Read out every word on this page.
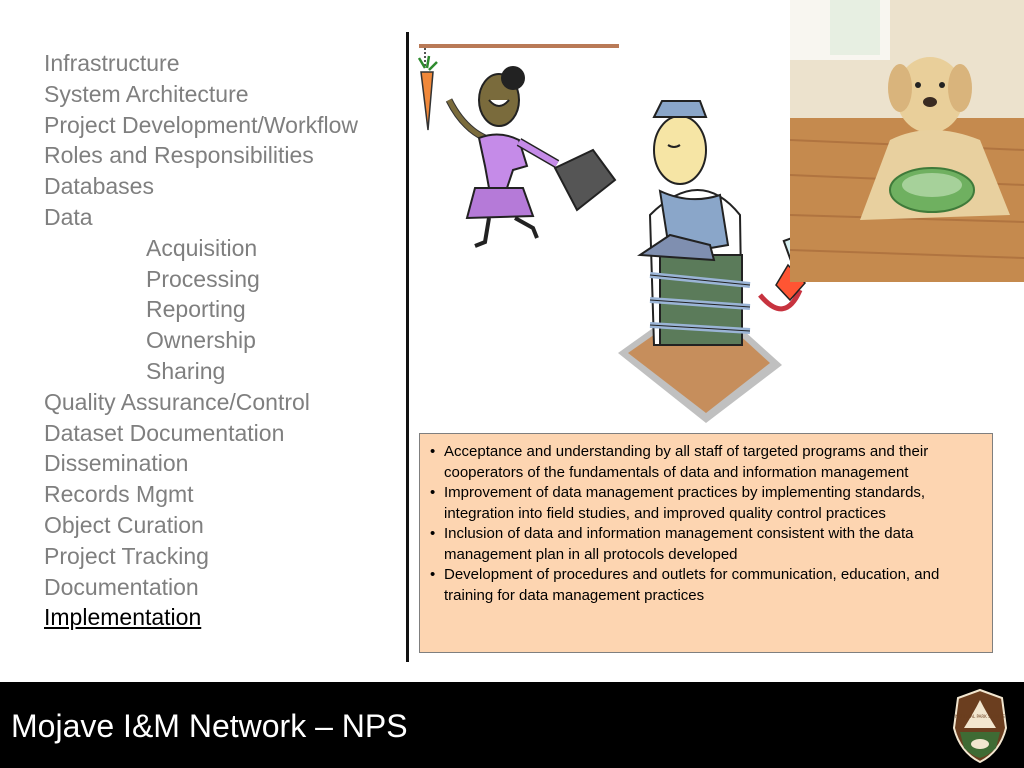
Infrastructure
System Architecture
Project Development/Workflow
Roles and Responsibilities
Databases
Data
Acquisition
Processing
Reporting
Ownership
Sharing
Quality Assurance/Control
Dataset Documentation
Dissemination
Records Mgmt
Object Curation
Project Tracking
Documentation
Implementation
• Acceptance and understanding by all staff of targeted programs and their cooperators of the fundamentals of data and information management
• Improvement of data management practices by implementing standards, integration into field studies, and improved quality control practices
• Inclusion of data and information management consistent with the data management plan in all protocols developed
• Development of procedures and outlets for communication, education, and training for data management practices
Mojave I&M Network – NPS	NATIONAL PARK SERVICE
